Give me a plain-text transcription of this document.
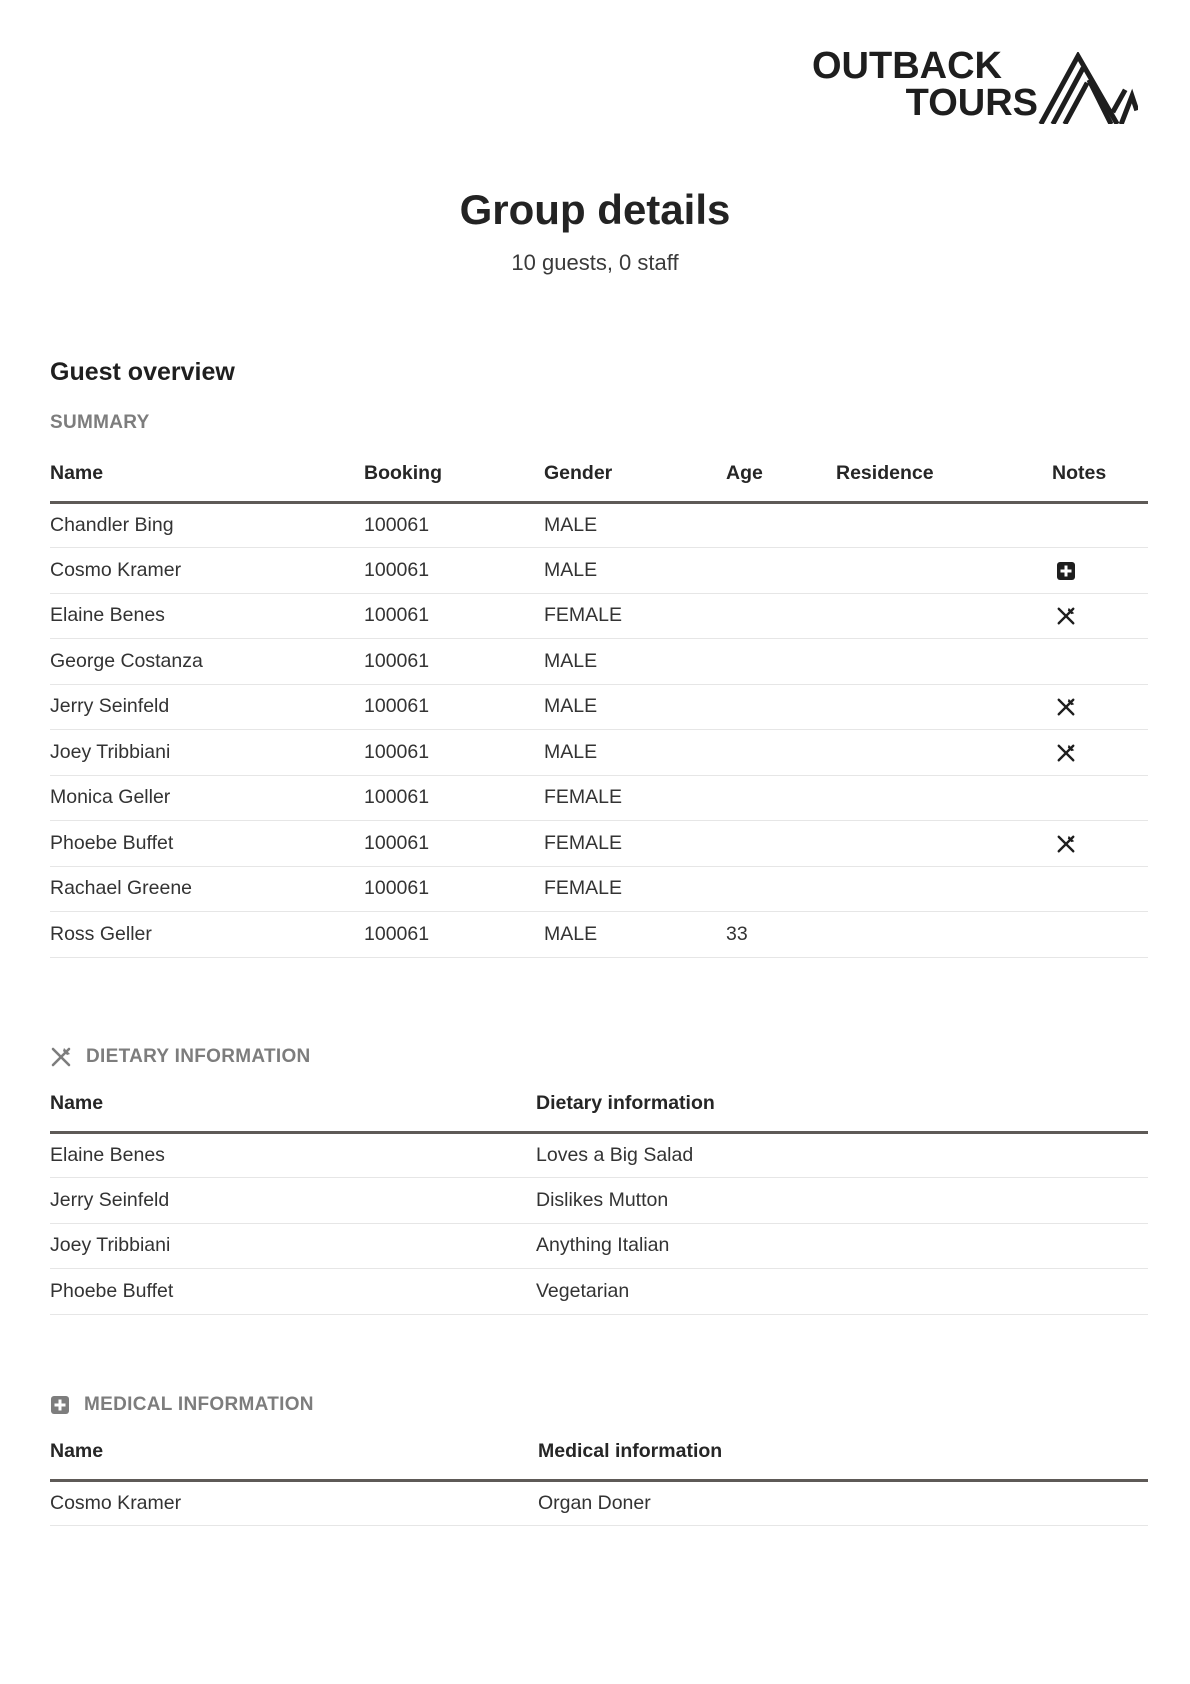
OUTBACK
TOURS
Group details
10 guests, 0 staff
Guest overview
SUMMARY
Name	Booking	Gender	Age	Residence	Notes
Chandler Bing	100061	MALE			
Cosmo Kramer	100061	MALE			
Elaine Benes	100061	FEMALE			
George Costanza	100061	MALE			
Jerry Seinfeld	100061	MALE			
Joey Tribbiani	100061	MALE			
Monica Geller	100061	FEMALE			
Phoebe Buffet	100061	FEMALE			
Rachael Greene	100061	FEMALE			
Ross Geller	100061	MALE	33		
DIETARY INFORMATION
Name	Dietary information
Elaine Benes	Loves a Big Salad
Jerry Seinfeld	Dislikes Mutton
Joey Tribbiani	Anything Italian
Phoebe Buffet	Vegetarian
MEDICAL INFORMATION
Name	Medical information
Cosmo Kramer	Organ Doner
